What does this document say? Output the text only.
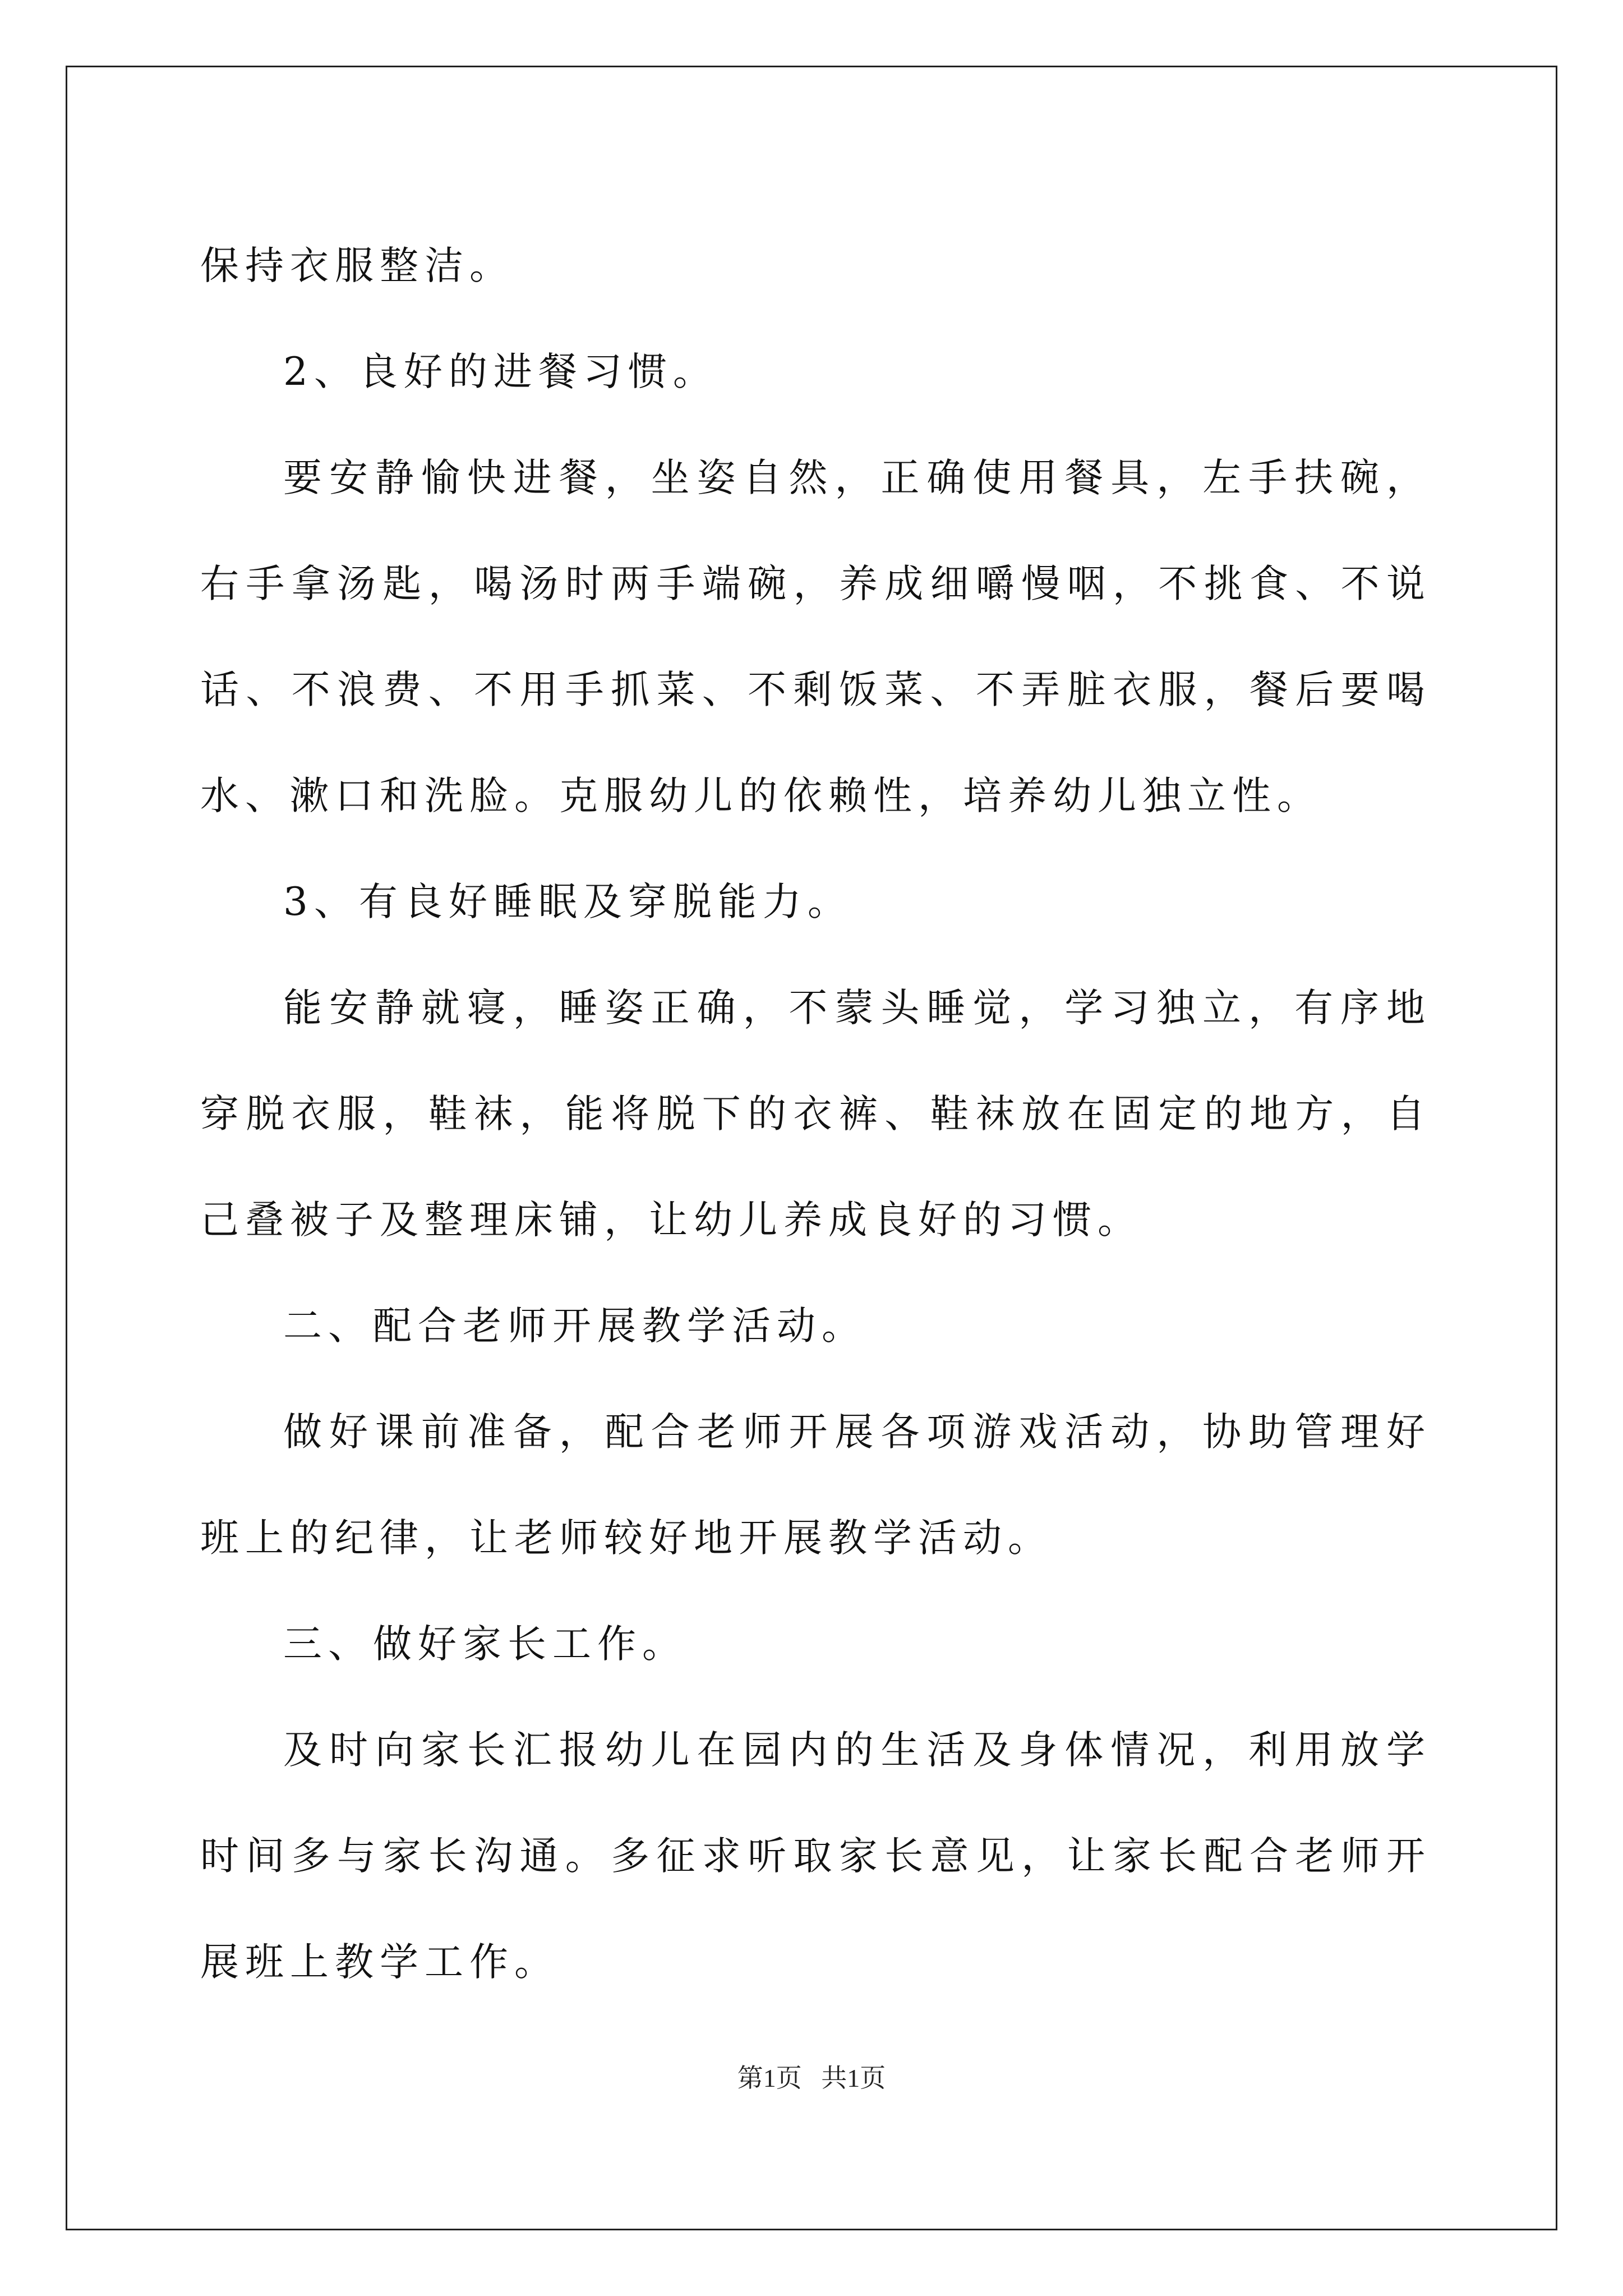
保持衣服整洁。

2、良好的进餐习惯。

要安静愉快进餐，坐姿自然，正确使用餐具，左手扶碗，右手拿汤匙，喝汤时两手端碗，养成细嚼慢咽，不挑食、不说话、不浪费、不用手抓菜、不剩饭菜、不弄脏衣服，餐后要喝水、漱口和洗脸。克服幼儿的依赖性，培养幼儿独立性。

3、有良好睡眠及穿脱能力。

能安静就寝，睡姿正确，不蒙头睡觉，学习独立，有序地穿脱衣服，鞋袜，能将脱下的衣裤、鞋袜放在固定的地方，自己叠被子及整理床铺，让幼儿养成良好的习惯。

二、配合老师开展教学活动。

做好课前准备，配合老师开展各项游戏活动，协助管理好班上的纪律，让老师较好地开展教学活动。

三、做好家长工作。

及时向家长汇报幼儿在园内的生活及身体情况，利用放学时间多与家长沟通。多征求听取家长意见，让家长配合老师开展班上教学工作。

第1页   共1页
